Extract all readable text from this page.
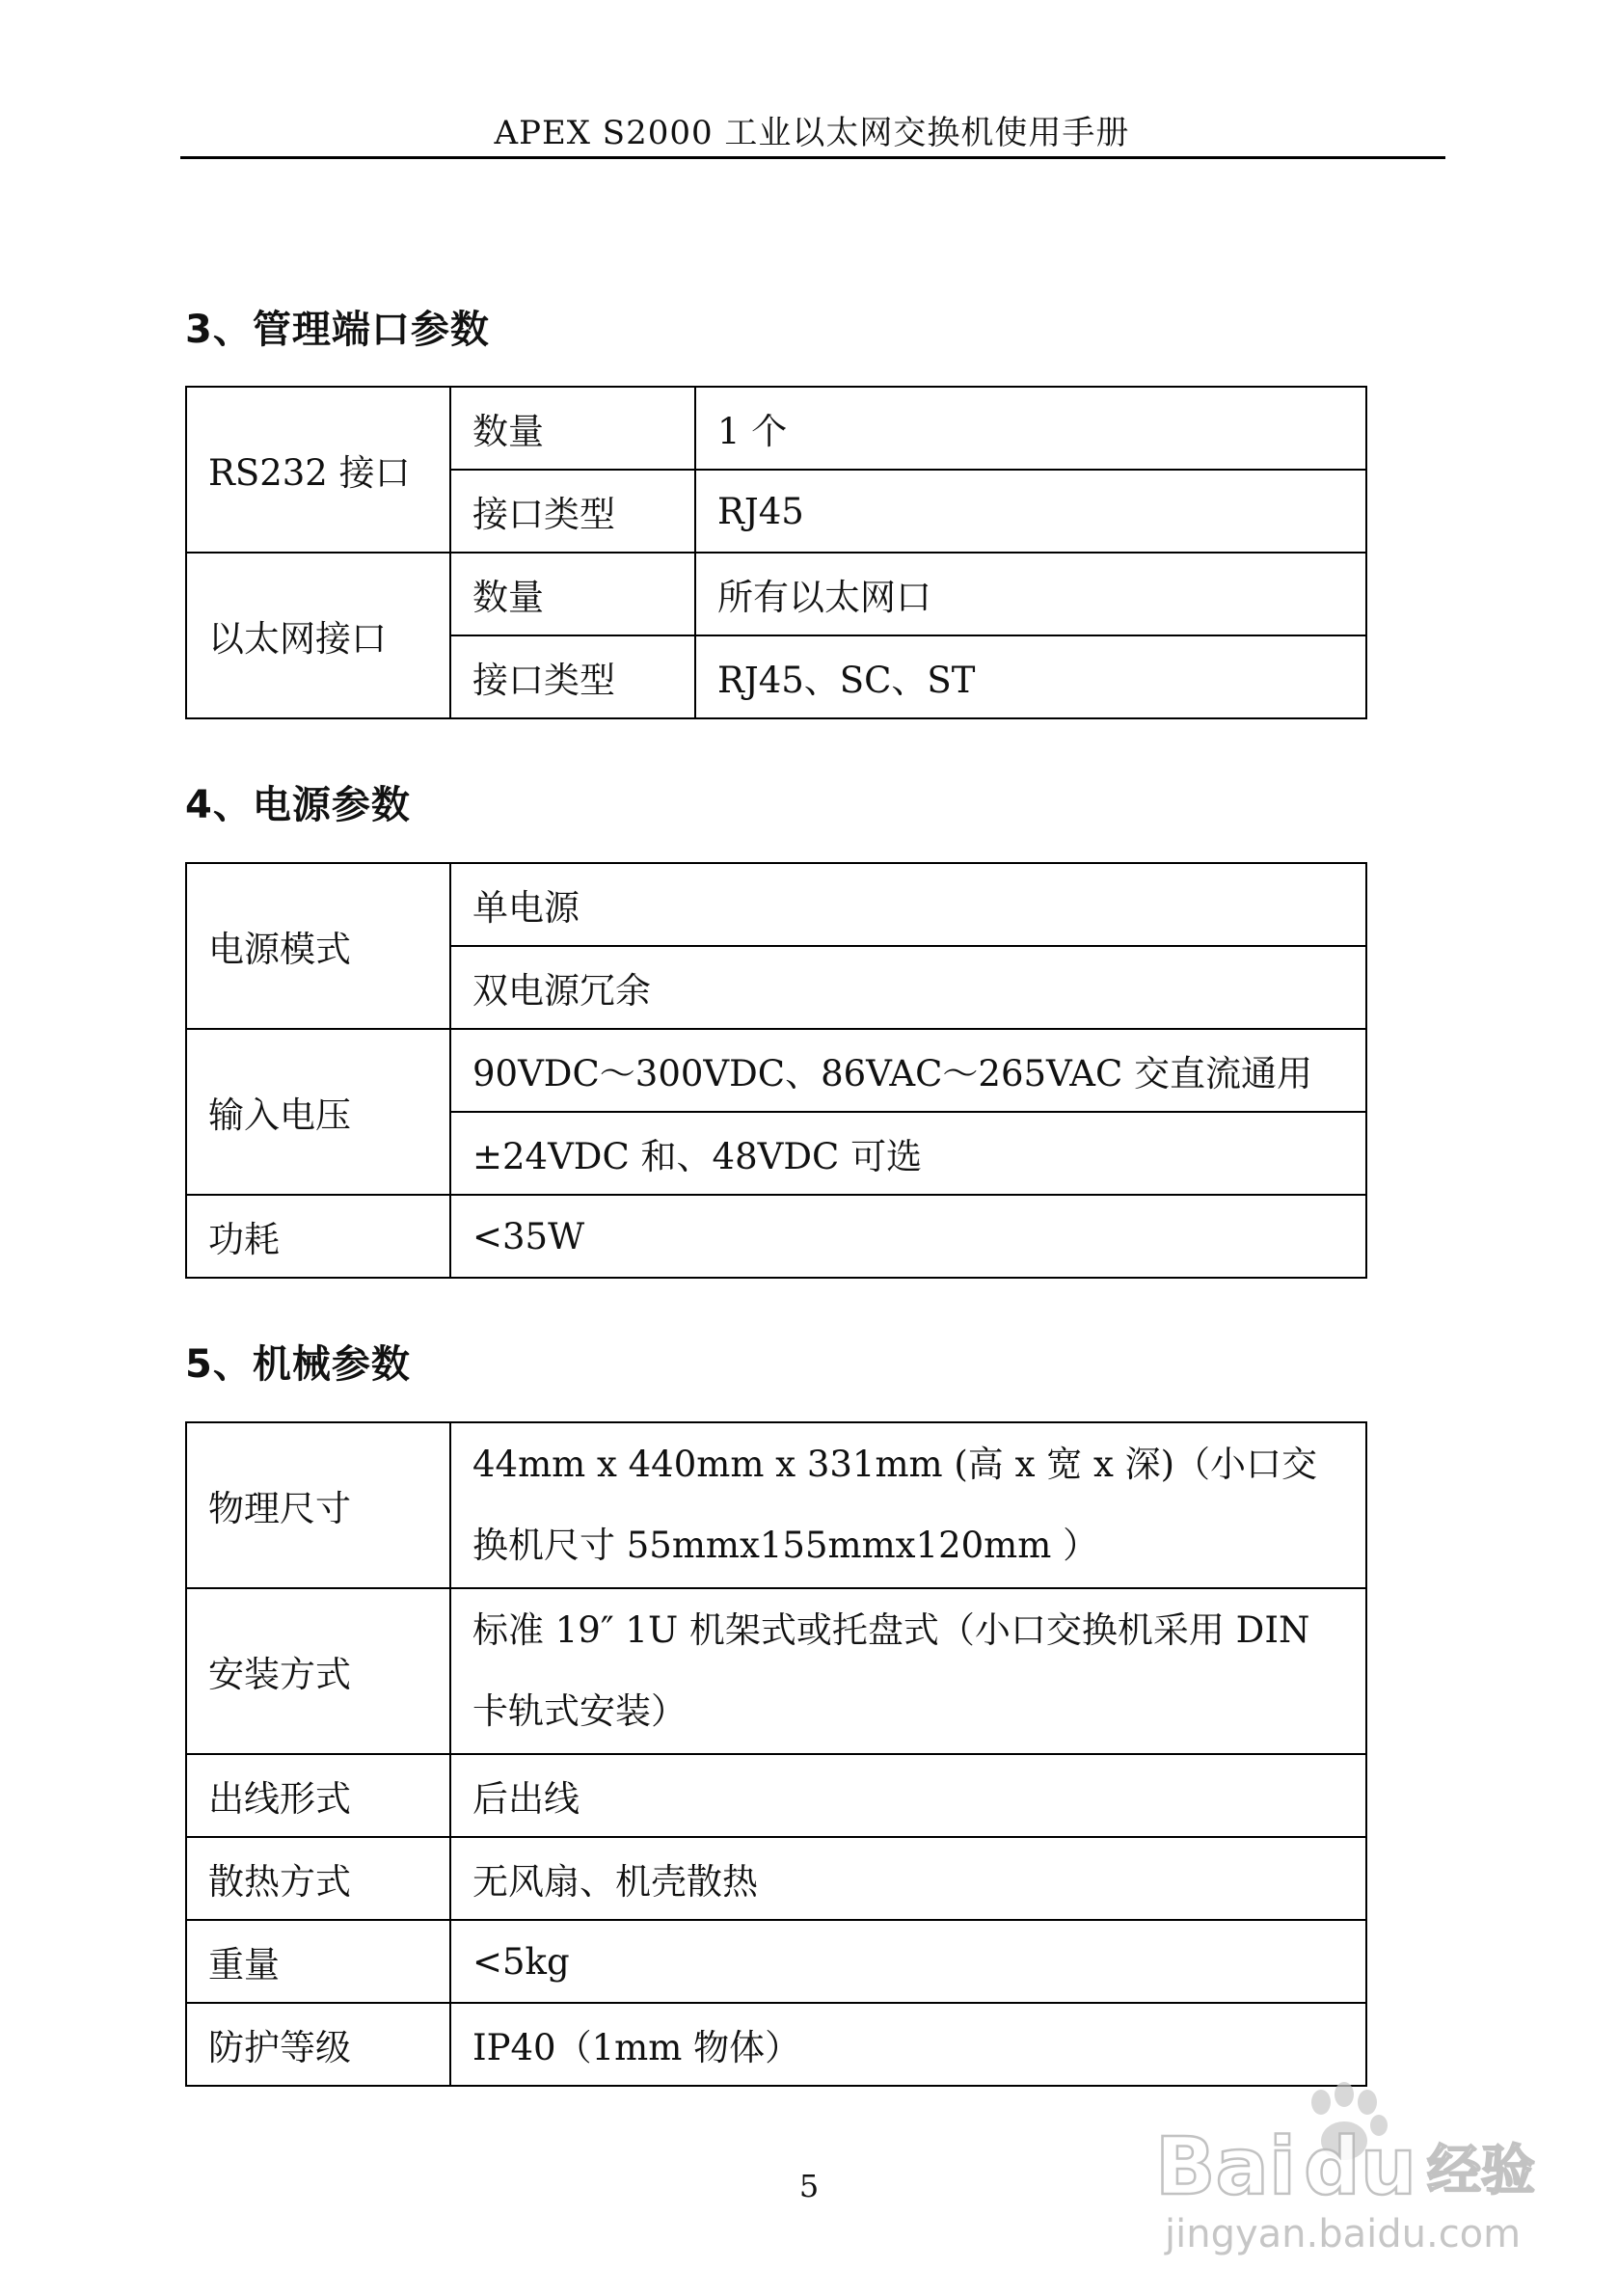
APEX S2000 工业以太网交换机使用手册
3、管理端口参数
RS232 接口	数量	1 个
	接口类型	RJ45
以太网接口	数量	所有以太网口
	接口类型	RJ45、SC、ST
4、电源参数
电源模式	单电源
	双电源冗余
输入电压	90VDC～300VDC、86VAC～265VAC 交直流通用
	±24VDC 和、48VDC 可选
功耗	<35W
5、机械参数
物理尺寸	44mm x 440mm x 331mm (高 x 宽 x 深)（小口交换机尺寸 55mmx155mmx120mm ）
安装方式	标准 19″ 1U 机架式或托盘式（小口交换机采用 DIN 卡轨式安装）
出线形式	后出线
散热方式	无风扇、机壳散热
重量	<5kg
防护等级	IP40（1mm 物体）
5	Bai du 经验
jingyan.baidu.com
